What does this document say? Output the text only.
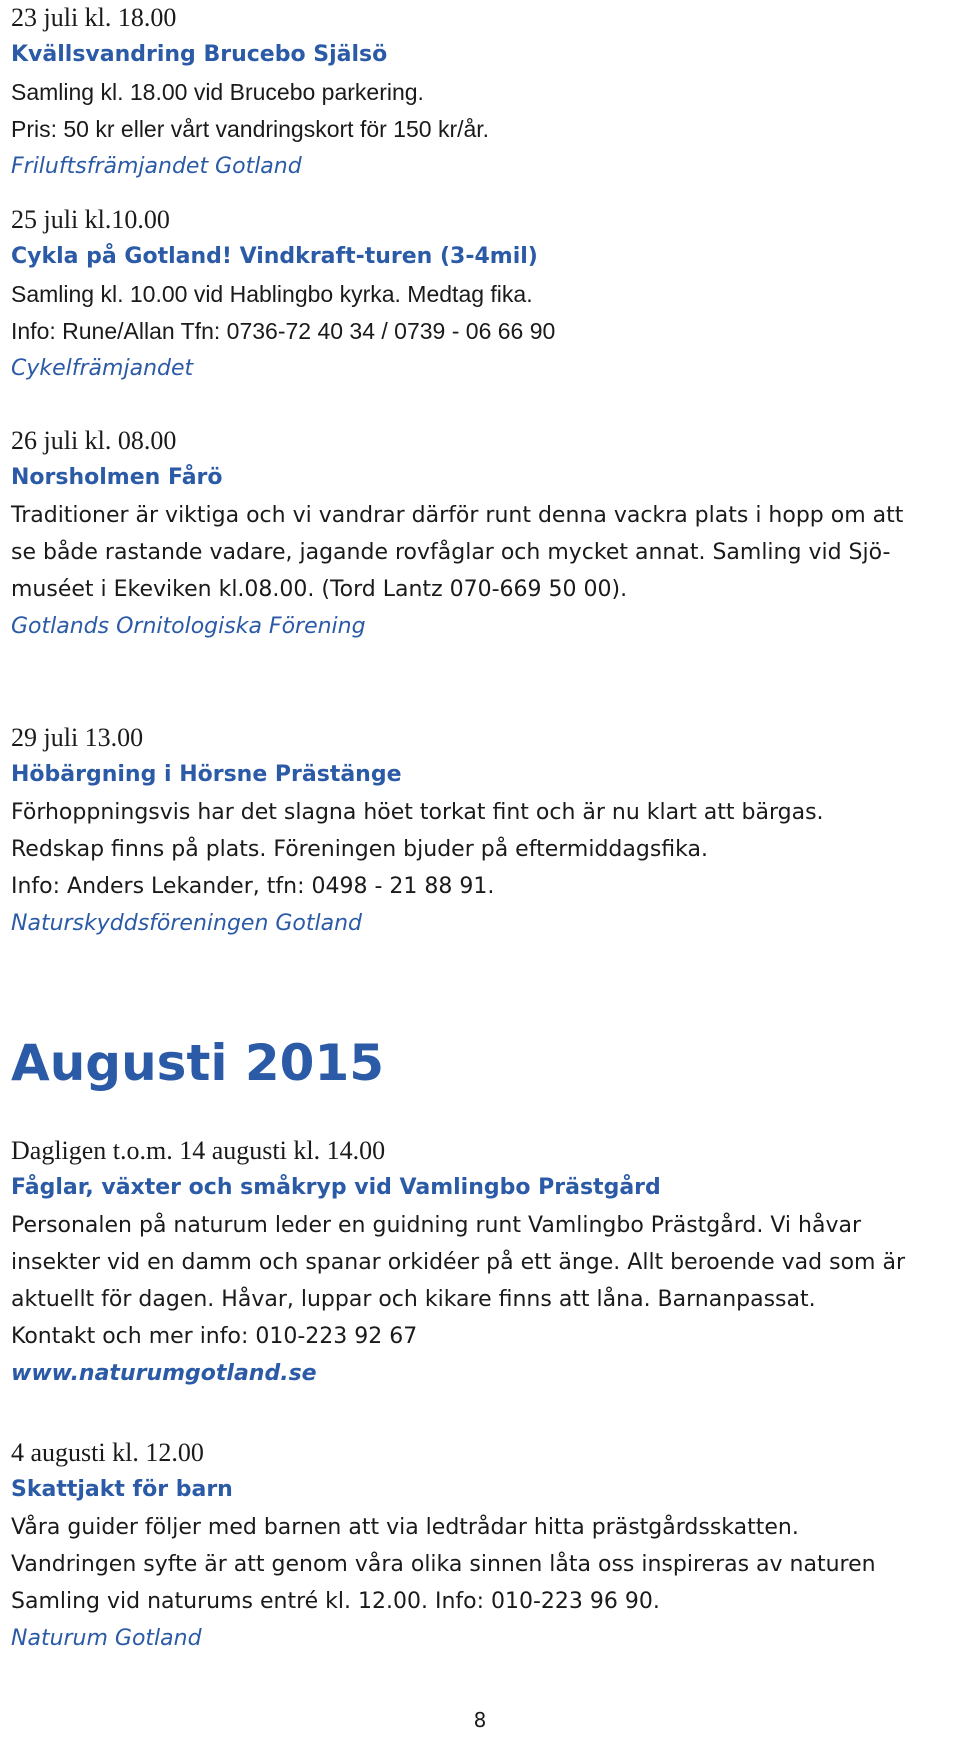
23 juli kl. 18.00

Kvällsvandring Brucebo Själsö

Samling kl. 18.00 vid Brucebo parkering.

Pris: 50 kr eller vårt vandringskort för 150 kr/år.

Friluftsfrämjandet Gotland

25 juli kl.10.00

Cykla på Gotland! Vindkraft-turen (3-4mil)

Samling kl. 10.00 vid Hablingbo kyrka. Medtag fika.

Info: Rune/Allan Tfn: 0736-72 40 34 / 0739 - 06 66 90

Cykelfrämjandet

26 juli kl. 08.00

Norsholmen Fårö

Traditioner är viktiga och vi vandrar därför runt denna vackra plats i hopp om att

se både rastande vadare, jagande rovfåglar och mycket annat. Samling vid Sjö-

muséet i Ekeviken kl.08.00. (Tord Lantz 070-669 50 00).

Gotlands Ornitologiska Förening

29 juli 13.00

Höbärgning i Hörsne Prästänge

Förhoppningsvis har det slagna höet torkat fint och är nu klart att bärgas.

Redskap finns på plats. Föreningen bjuder på eftermiddagsfika.

Info: Anders Lekander, tfn: 0498 - 21 88 91.

Naturskyddsföreningen Gotland

Augusti 2015

Dagligen t.o.m. 14 augusti kl. 14.00

Fåglar, växter och småkryp vid Vamlingbo Prästgård

Personalen på naturum leder en guidning runt Vamlingbo Prästgård. Vi håvar

insekter vid en damm och spanar orkidéer på ett änge. Allt beroende vad som är

aktuellt för dagen. Håvar, luppar och kikare finns att låna. Barnanpassat.

Kontakt och mer info: 010-223 92 67

www.naturumgotland.se

4 augusti kl. 12.00

Skattjakt för barn

Våra guider följer med barnen att via ledtrådar hitta prästgårdsskatten.

Vandringen syfte är att genom våra olika sinnen låta oss inspireras av naturen

Samling vid naturums entré kl. 12.00. Info: 010-223 96 90.

Naturum Gotland

8
